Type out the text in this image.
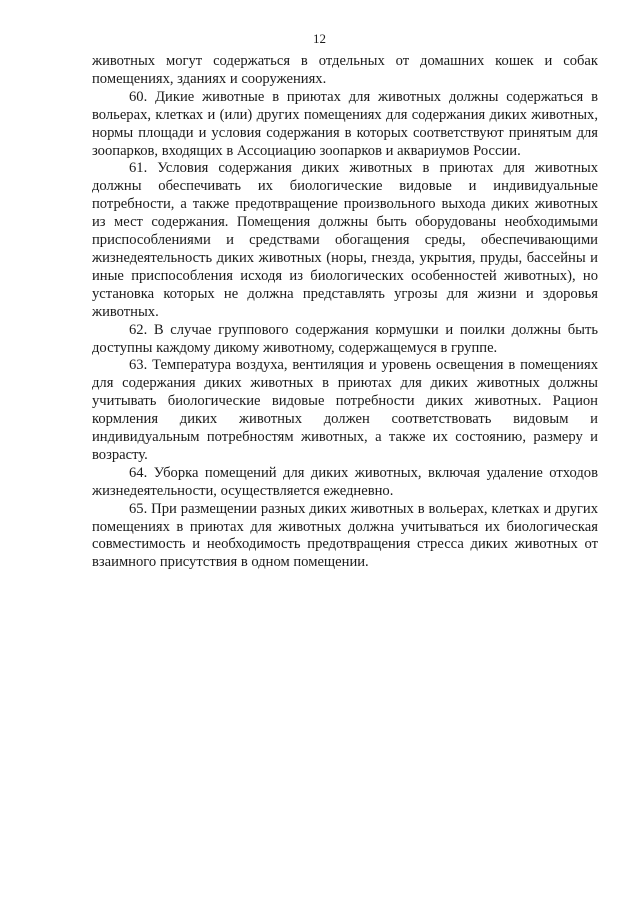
12

животных могут содержаться в отдельных от домашних кошек и собак помещениях, зданиях и сооружениях.

60. Дикие животные в приютах для животных должны содержаться в вольерах, клетках и (или) других помещениях для содержания диких животных, нормы площади и условия содержания в которых соответствуют принятым для зоопарков, входящих в Ассоциацию зоопарков и аквариумов России.

61. Условия содержания диких животных в приютах для животных должны обеспечивать их биологические видовые и индивидуальные потребности, а также предотвращение произвольного выхода диких животных из мест содержания. Помещения должны быть оборудованы необходимыми приспособлениями и средствами обогащения среды, обеспечивающими жизнедеятельность диких животных (норы, гнезда, укрытия, пруды, бассейны и иные приспособления исходя из биологических особенностей животных), но установка которых не должна представлять угрозы для жизни и здоровья животных.

62. В случае группового содержания кормушки и поилки должны быть доступны каждому дикому животному, содержащемуся в группе.

63. Температура воздуха, вентиляция и уровень освещения в помещениях для содержания диких животных в приютах для диких животных должны учитывать биологические видовые потребности диких животных. Рацион кормления диких животных должен соответствовать видовым и индивидуальным потребностям животных, а также их состоянию, размеру и возрасту.

64. Уборка помещений для диких животных, включая удаление отходов жизнедеятельности, осуществляется ежедневно.

65. При размещении разных диких животных в вольерах, клетках и других помещениях в приютах для животных должна учитываться их биологическая совместимость и необходимость предотвращения стресса диких животных от взаимного присутствия в одном помещении.
